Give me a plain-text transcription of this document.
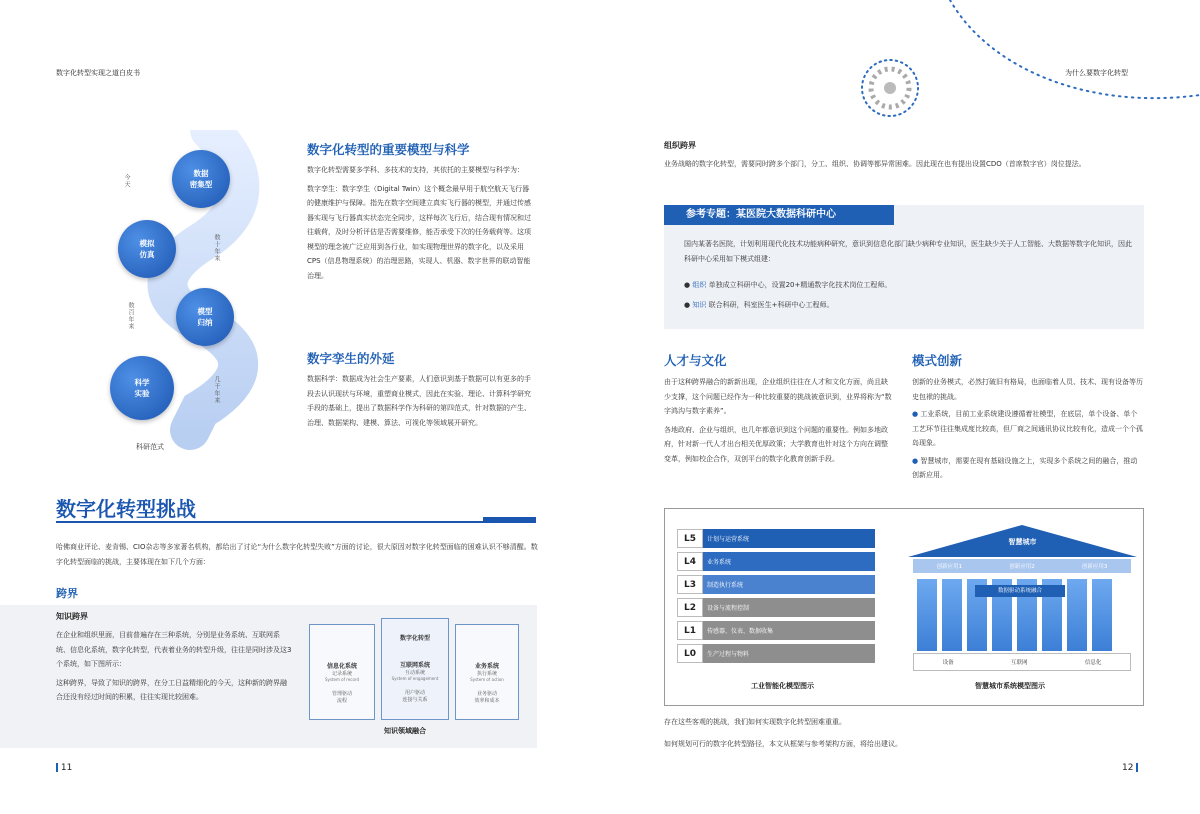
数字化转型实现之道白皮书
数据
密集型
模拟
仿真
模型
归纳
科学
实验
今天
数十年来
数百年来
几千年来
科研范式
数字化转型的重要模型与科学

数字化转型需要多学科、多技术的支持，其依托的主要模型与科学为：

数字孪生：数字孪生（Digital Twin）这个概念最早用于航空航天飞行器的健康维护与保障。指先在数字空间建立真实飞行器的模型，并通过传感器实现与飞行器真实状态完全同步，这样每次飞行后，结合现有情况和过往载荷，及时分析评估是否需要维修，能否承受下次的任务载荷等。这项模型的理念被广泛应用到各行业，如实现物理世界的数字化，以及采用CPS（信息物理系统）的治理思路，实现人、机器、数字世界的联动智能治理。

数字孪生的外延

数据科学：数据成为社会生产要素，人们意识到基于数据可以有更多的手段去认识现状与环境，重塑商业模式，因此在实验、理论、计算科学研究手段的基础上，提出了数据科学作为科研的第四范式，针对数据的产生、治理、数据架构、建模、算法、可视化等领域展开研究。

数字化转型挑战
哈佛商业评论、麦肯锡、CIO杂志等多家著名机构，都给出了讨论“为什么数字化转型失败”方面的讨论，很大原因对数字化转型面临的困难认识不够清醒。数字化转型面临的挑战，主要体现在如下几个方面：
跨界
知识跨界

在企业和组织里面，目前普遍存在三种系统，分别是业务系统、互联网系统、信息化系统，数字化转型，代表着业务的转型升级，往往是同时涉及这3个系统，如下图所示：

这种跨界，导致了知识的跨界，在分工日益精细化的今天，这种新的跨界融合还没有经过时间的积累，往往实现比较困难。

信息化系统
记录系统
System of record
管理驱动
流程
数字化转型
互联网系统
互动系统
System of engagement
用户驱动
连接与关系
业务系统
执行系统
System of action
业务驱动
效率和成本
知识领域融合
11
为什么要数字化转型
组织跨界
业务战略的数字化转型，需要同时跨多个部门，分工、组织、协调等都异常困难。因此现在也有提出设置CDO（首席数字官）岗位提法。
参考专题：某医院大数据科研中心
国内某著名医院，计划利用现代化技术功能病种研究，意识到信息化部门缺少病种专业知识，医生缺少关于人工智能、大数据等数字化知识，因此科研中心采用如下模式组建：
● 组织 单独成立科研中心，设置20+精通数字化技术岗位工程师。
● 知识 联合科研，科室医生+科研中心工程师。
人才与文化

由于这种跨界融合的新新出现，企业组织往往在人才和文化方面，尚且缺少支撑，这个问题已经作为一种比较重要的挑战被意识到，业界将称为“数字鸿沟与数字素养”。

各地政府、企业与组织，也几年都意识到这个问题的重要性。例如多地政府，针对新一代人才出台相关优厚政策；大学教育也针对这个方向在调整变革，例如校企合作，双创平台的数字化教育创新手段。

模式创新

创新的业务模式，必然打破旧有格局，也面临着人员、技术、现有设备等历史包袱的挑战。

● 工业系统，目前工业系统建设遵循着社模型，在底层，单个设备、单个工艺环节往往集成度比较高，但厂商之间通讯协议比较有化，造成一个个孤岛现象。

● 智慧城市，需要在现有基础设施之上，实现多个系统之间的融合，推动创新应用。

L5	计划与运营系统
L4	业务系统
L3	制造执行系统
L2	设备与流程控制
L1	传感器、仪表、数据收集
L0	生产过程与物料
工业智能化模型图示
智慧城市
创新应用1	创新应用2	创新应用3
数据驱动系统融合
设备	互联网	信息化
智慧城市系统模型图示
存在这些客观的挑战，我们如何实现数字化转型困难重重。
如何规划可行的数字化转型路径，本文从框架与参考架构方面，将给出建议。
12
